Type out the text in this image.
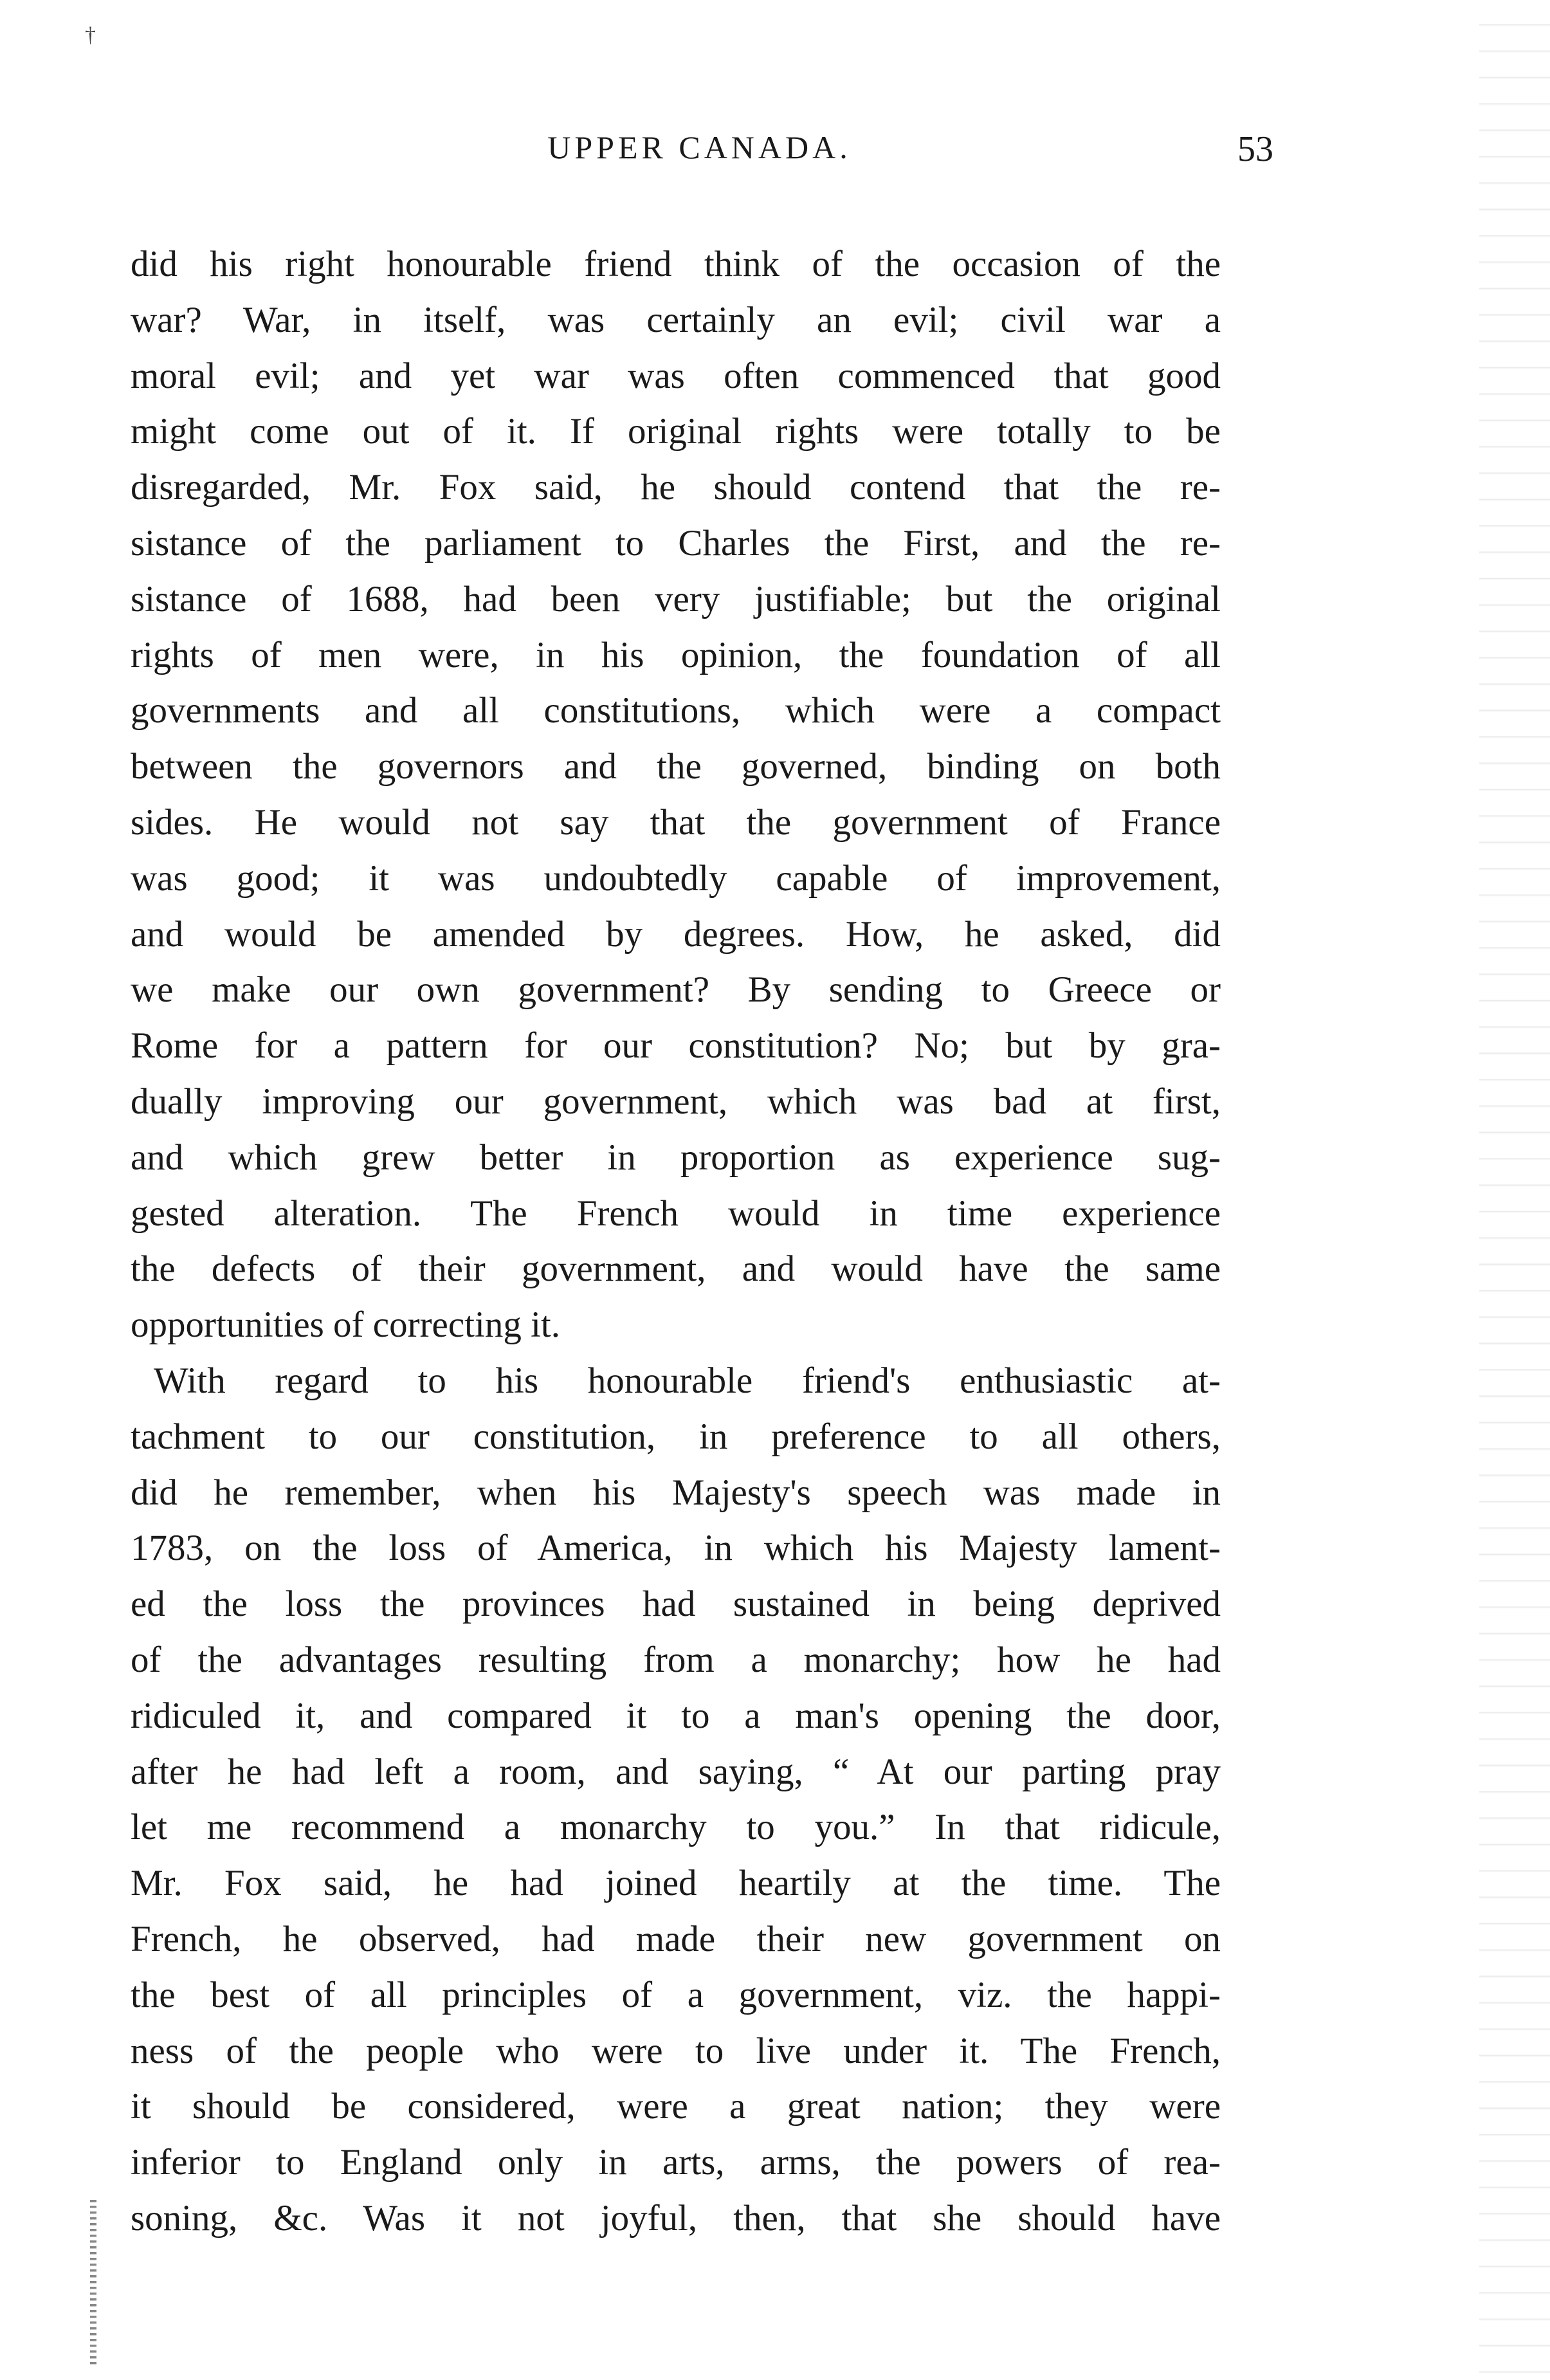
†
UPPER CANADA.	53
did his right honourable friend think of the occasion of the
war? War, in itself, was certainly an evil; civil war a
moral evil; and yet war was often commenced that good
might come out of it. If original rights were totally to be
disregarded, Mr. Fox said, he should contend that the re-
sistance of the parliament to Charles the First, and the re-
sistance of 1688, had been very justifiable; but the original
rights of men were, in his opinion, the foundation of all
governments and all constitutions, which were a compact
between the governors and the governed, binding on both
sides. He would not say that the government of France
was good; it was undoubtedly capable of improvement,
and would be amended by degrees. How, he asked, did
we make our own government? By sending to Greece or
Rome for a pattern for our constitution? No; but by gra-
dually improving our government, which was bad at first,
and which grew better in proportion as experience sug-
gested alteration. The French would in time experience
the defects of their government, and would have the same
opportunities of correcting it.
With regard to his honourable friend's enthusiastic at-
tachment to our constitution, in preference to all others,
did he remember, when his Majesty's speech was made in
1783, on the loss of America, in which his Majesty lament-
ed the loss the provinces had sustained in being deprived
of the advantages resulting from a monarchy; how he had
ridiculed it, and compared it to a man's opening the door,
after he had left a room, and saying, “ At our parting pray
let me recommend a monarchy to you.” In that ridicule,
Mr. Fox said, he had joined heartily at the time. The
French, he observed, had made their new government on
the best of all principles of a government, viz. the happi-
ness of the people who were to live under it. The French,
it should be considered, were a great nation; they were
inferior to England only in arts, arms, the powers of rea-
soning, &c. Was it not joyful, then, that she should have
